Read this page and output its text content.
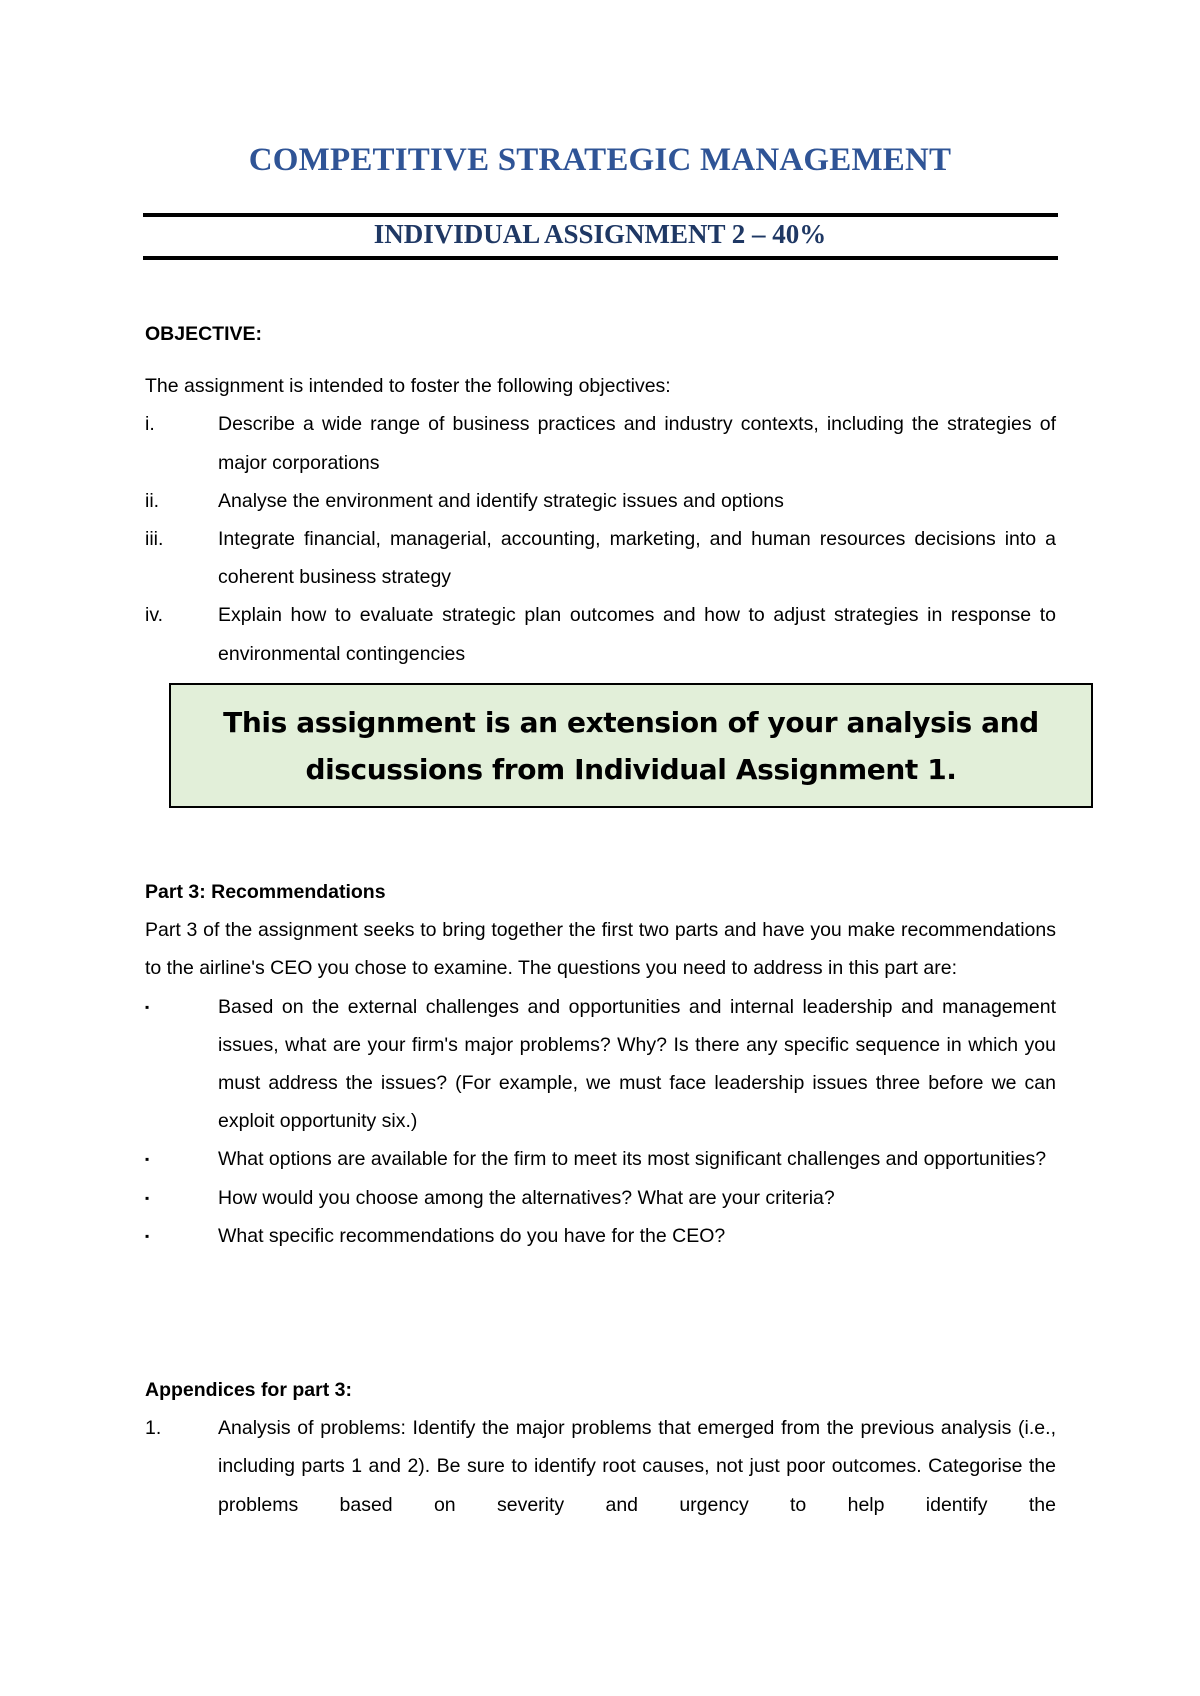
COMPETITIVE STRATEGIC MANAGEMENT
INDIVIDUAL ASSIGNMENT 2 – 40%
OBJECTIVE:
The assignment is intended to foster the following objectives:
i.	Describe a wide range of business practices and industry contexts, including the strategies of major corporations
ii.	Analyse the environment and identify strategic issues and options
iii.	Integrate financial, managerial, accounting, marketing, and human resources decisions into a coherent business strategy
iv.	Explain how to evaluate strategic plan outcomes and how to adjust strategies in response to environmental contingencies
This assignment is an extension of your analysis and discussions from Individual Assignment 1.
Part 3: Recommendations
Part 3 of the assignment seeks to bring together the first two parts and have you make recommendations to the airline's CEO you chose to examine. The questions you need to address in this part are:
▪	Based on the external challenges and opportunities and internal leadership and management issues, what are your firm's major problems? Why? Is there any specific sequence in which you must address the issues? (For example, we must face leadership issues three before we can exploit opportunity six.)
▪	What options are available for the firm to meet its most significant challenges and opportunities?
▪	How would you choose among the alternatives? What are your criteria?
▪	What specific recommendations do you have for the CEO?
Appendices for part 3:
1.	Analysis of problems: Identify the major problems that emerged from the previous analysis (i.e., including parts 1 and 2). Be sure to identify root causes, not just poor outcomes. Categorise the problems based on severity and urgency to help identify the
